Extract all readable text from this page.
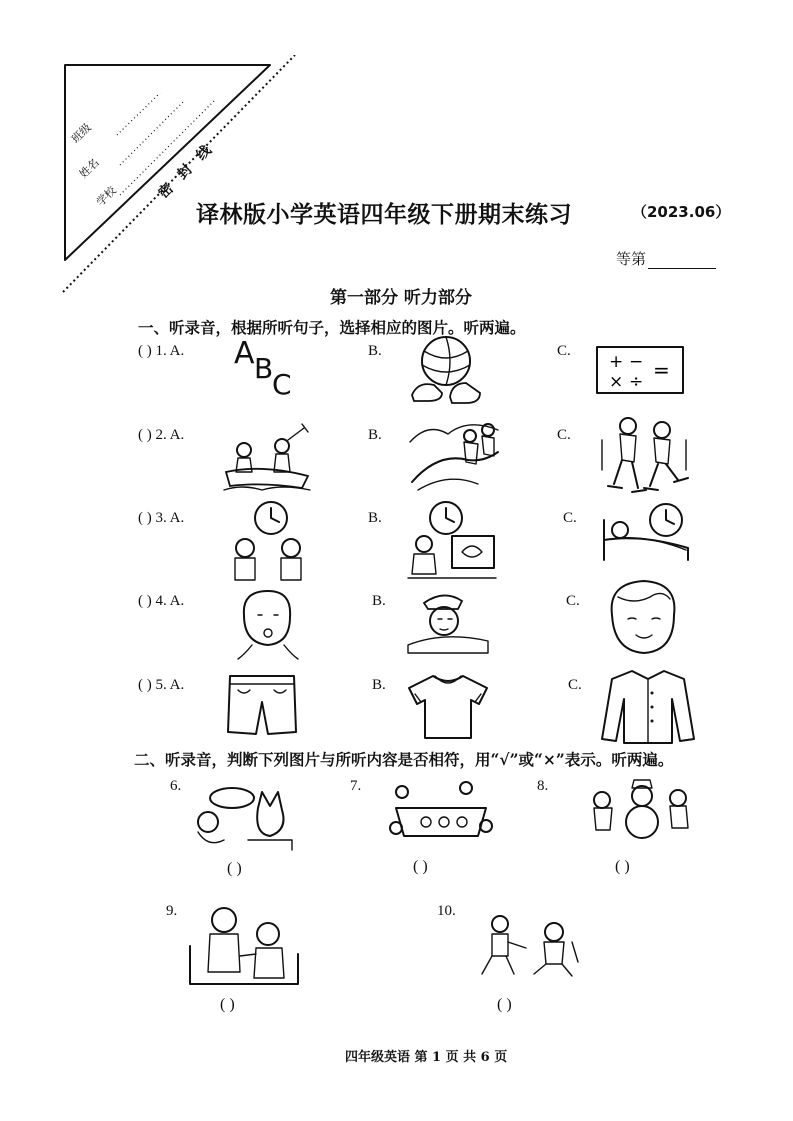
班级
姓名
学校	密 封 线
译林版小学英语四年级下册期末练习	（2023.06）
等第
第一部分 听力部分
一、听录音，根据所听句子，选择相应的图片。听两遍。
( ) 1. A.	B.	C.
A B
C
+ −
× ÷ =
( ) 2. A.	B.	C.
( ) 3. A.	B.	C.
( ) 4. A.	B.	C.
( ) 5. A.	B.	C.
二、听录音，判断下列图片与所听内容是否相符，用“√”或“×”表示。听两遍。
6.	7.	8.
9.	10.
( )	( )	( )
( )	( )
四年级英语 第 1 页 共 6 页
